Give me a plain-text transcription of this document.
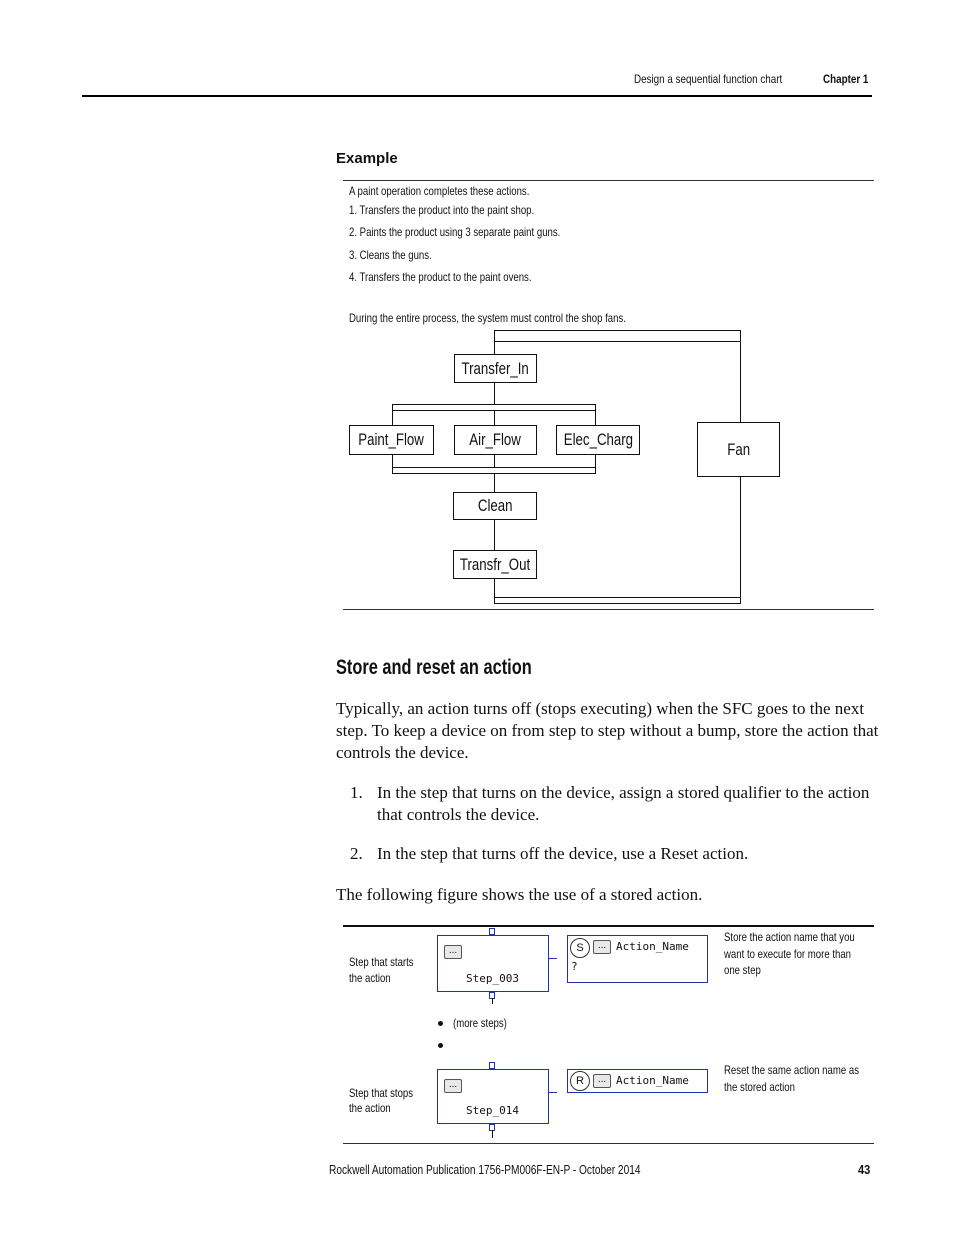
Design a sequential function chart	Chapter 1
Example
A paint operation completes these actions.
1. Transfers the product into the paint shop.
2. Paints the product using 3 separate paint guns.
3. Cleans the guns.
4. Transfers the product to the paint ovens.
During the entire process, the system must control the shop fans.
Transfer_In
Paint_Flow	Air_Flow Elec_Charg	Fan
Clean
Transfr_Out
Store and reset an action
Typically, an action turns off (stops executing) when the SFC goes to the next
step. To keep a device on from step to step without a bump, store the action that
controls the device.
1. In the step that turns on the device, assign a stored qualifier to the action
that controls the device.
2. In the step that turns off the device, use a Reset action.
The following figure shows the use of a stored action.
Step that starts
the action
...
Step_003
S	... Action_Name
?
Store the action name that you
want to execute for more than
one step
(more steps)
Step that stops
the action
...
Step_014
R	... Action_Name
Reset the same action name as
the stored action
Rockwell Automation Publication 1756-PM006F-EN-P - October 2014	43
